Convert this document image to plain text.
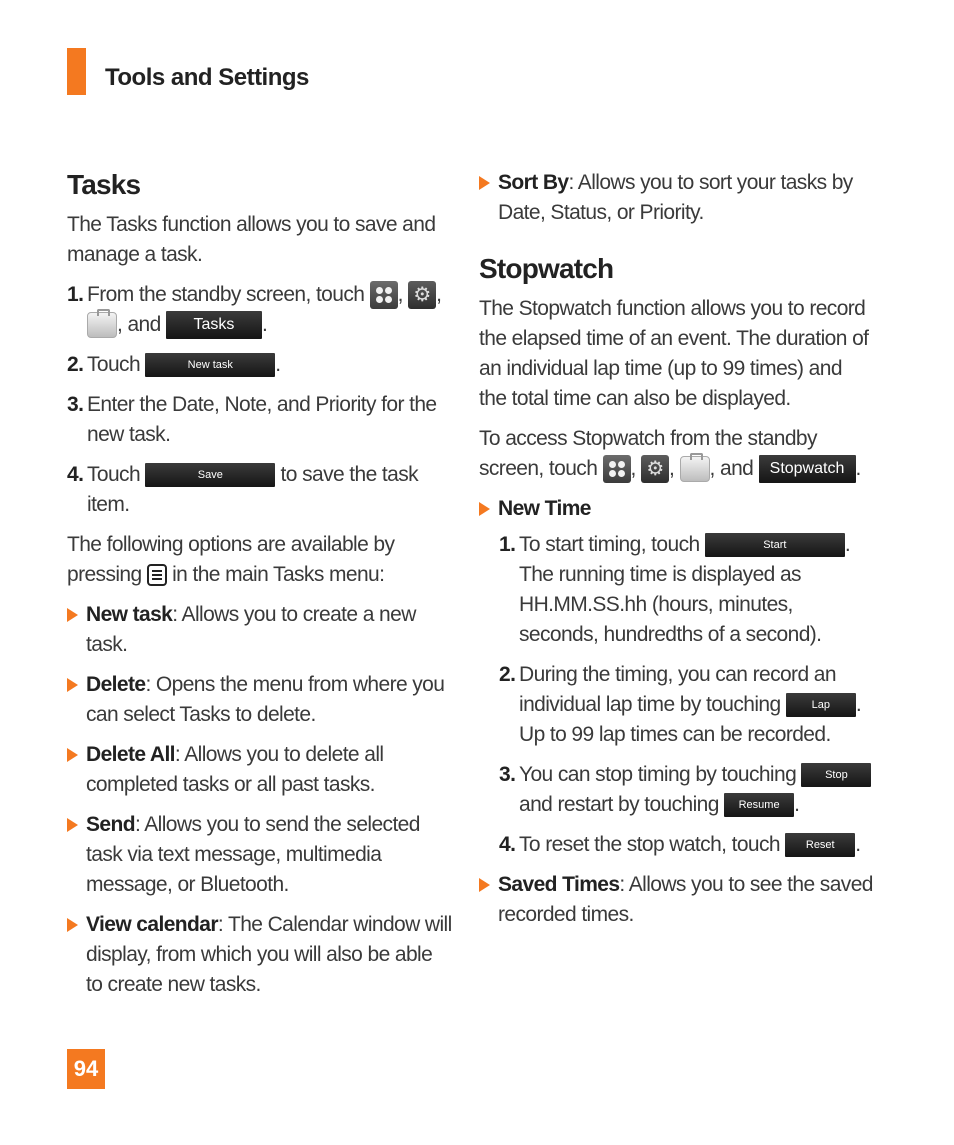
Tools and Settings
Tasks

The Tasks function allows you to save and manage a task.

1. From the standby screen, touch , ⚙ ,
, and Tasks .
2. Touch	New task .
3. Enter the Date, Note, and Priority for the new task.
4. Touch	Save	to save the task item.

The following options are available by pressing in the main Tasks menu:

New task: Allows you to create a new task.
Delete: Opens the menu from where you can select Tasks to delete.
Delete All: Allows you to delete all completed tasks or all past tasks.
Send: Allows you to send the selected task via text message, multimedia message, or Bluetooth.
View calendar: The Calendar window will display, from which you will also be able to create new tasks.
Sort By: Allows you to sort your tasks by Date, Status, or Priority.
Stopwatch

The Stopwatch function allows you to record the elapsed time of an event. The duration of an individual lap time (up to 99 times) and the total time can also be displayed.

To access Stopwatch from the standby screen, touch , ⚙ , , and Stopwatch .

New Time
1. To start timing, touch	Start	. The running time is displayed as HH.MM.SS.hh (hours, minutes, seconds, hundredths of a second).
2. During the timing, you can record an individual lap time by touching	Lap . Up to 99 lap times can be recorded.
3. You can stop timing by touching	Stop and restart by touching Resume .
4. To reset the stop watch, touch Reset .
Saved Times: Allows you to see the saved recorded times.
94
